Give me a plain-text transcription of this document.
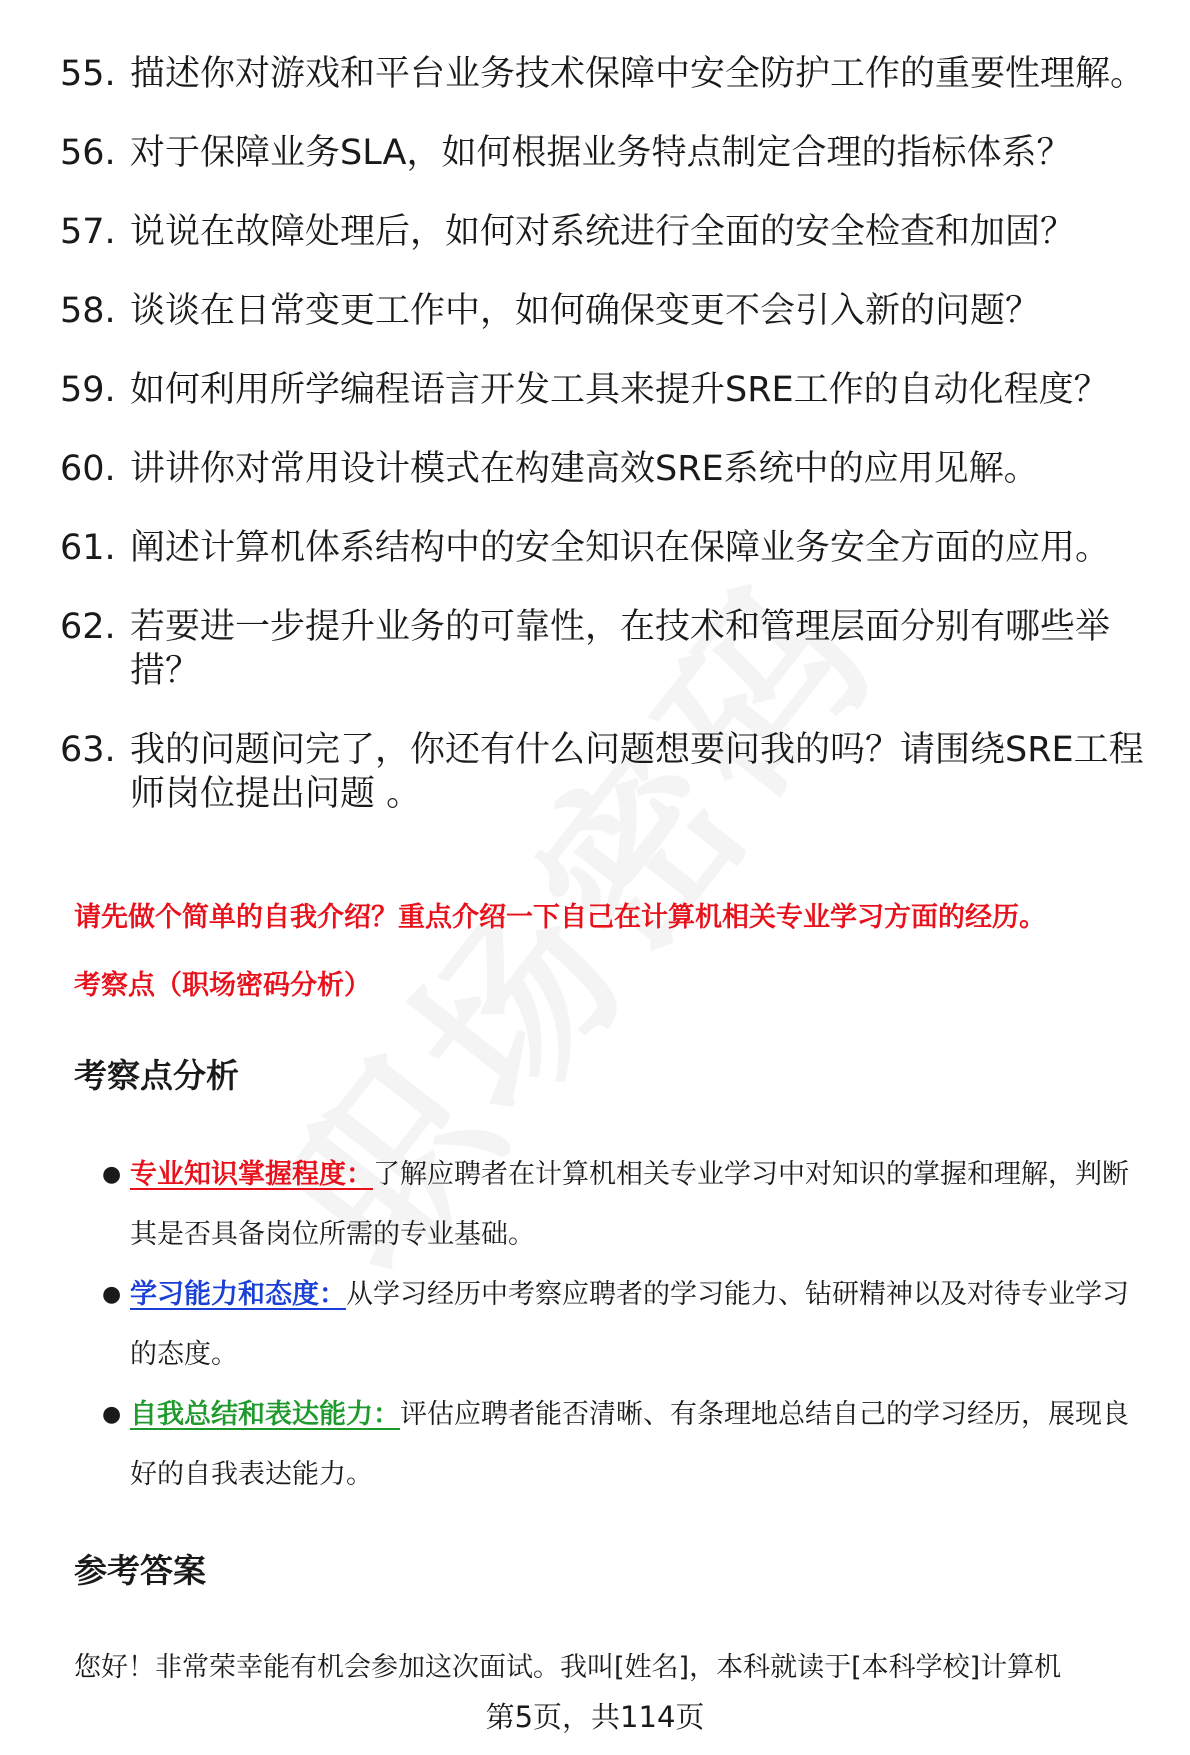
55. 描述你对游戏和平台业务技术保障中安全防护工作的重要性理解。
56. 对于保障业务SLA，如何根据业务特点制定合理的指标体系？
57. 说说在故障处理后，如何对系统进行全面的安全检查和加固？
58. 谈谈在日常变更工作中，如何确保变更不会引入新的问题？
59. 如何利用所学编程语言开发工具来提升SRE工作的自动化程度？
60. 讲讲你对常用设计模式在构建高效SRE系统中的应用见解。
61. 阐述计算机体系结构中的安全知识在保障业务安全方面的应用。
62. 若要进一步提升业务的可靠性，在技术和管理层面分别有哪些举措？
63. 我的问题问完了，你还有什么问题想要问我的吗？请围绕SRE工程师岗位提出问题 。
请先做个简单的自我介绍？重点介绍一下自己在计算机相关专业学习方面的经历。
考察点（职场密码分析）
考察点分析
● 专业知识掌握程度：了解应聘者在计算机相关专业学习中对知识的掌握和理解，判断其是否具备岗位所需的专业基础。
● 学习能力和态度：从学习经历中考察应聘者的学习能力、钻研精神以及对待专业学习的态度。
● 自我总结和表达能力：评估应聘者能否清晰、有条理地总结自己的学习经历，展现良好的自我表达能力。
参考答案
您好！非常荣幸能有机会参加这次面试。我叫[姓名]，本科就读于[本科学校]计算机
第5页，共114页
